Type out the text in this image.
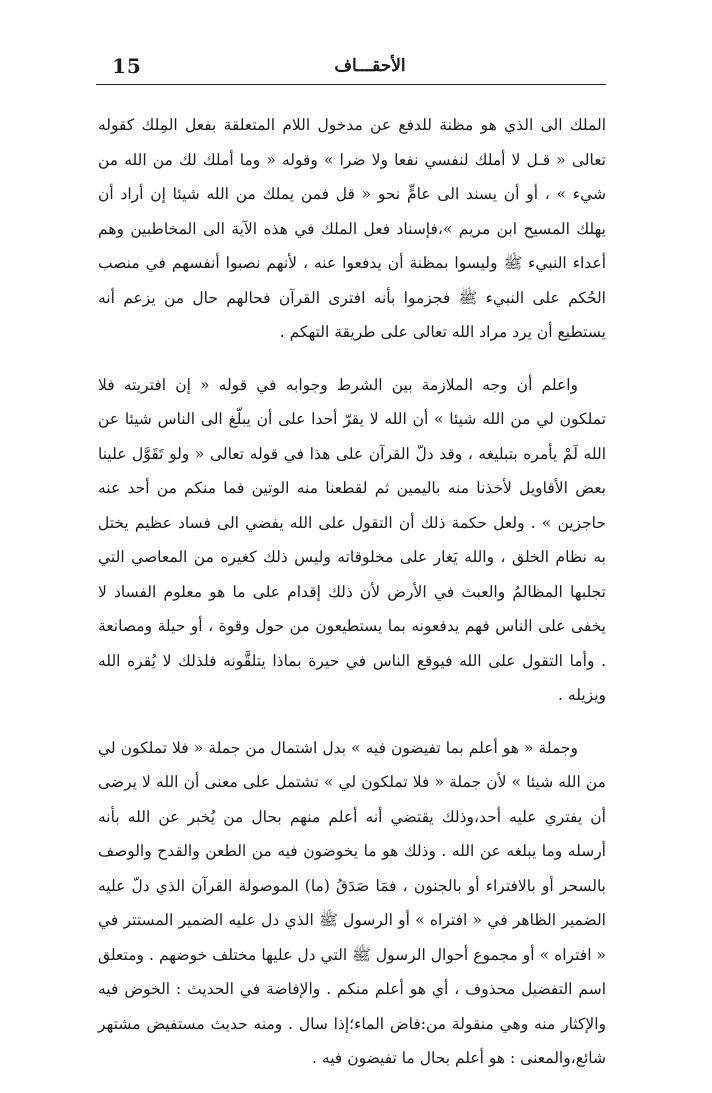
15	الأحقـــاف

الملك الى الذي هو مظنة للدفع عن مدخول اللام المتعلقة بفعل المِلك كقوله تعالى « قـل لا أملك لنفسي نفعا ولا ضرا » وقوله « وما أملك لك من الله من شيء » ، أو أن يسند الى عامٍّ نحو « قل فمن يملك من الله شيئا إن أراد أن يهلك المسيح ابن مريم »،فإسناد فعل الملك في هذه الآية الى المخاطبين وهم أعداء النبيء ﷺ وليسوا بمظنة أن يدفعوا عنه ، لأنهم نصبوا أنفسهم في منصب الحُكم على النبيء ﷺ فجزموا بأنه افترى القرآن فحالهم حال من يزعم أنه يستطيع أن يرد مراد الله تعالى على طريقة التهكم .

واعلم أن وجه الملازمة بين الشرط وجوابه في قوله « إن افتريته فلا تملكون لي من الله شيئا » أن الله لا يقرّ أحدا على أن يبلّغ الى الناس شيئا عن الله لَمْ يأمره بتبليغه ، وقد دلّ القرآن على هذا في قوله تعالى « ولو تَقَوَّل علينا بعض الأقاويل لأخذنا منه باليمين ثم لقطعنا منه الوتين فما منكم من أحد عنه حاجزين » . ولعل حكمة ذلك أن التقول على الله يفضي الى فساد عظيم يختل به نظام الخلق ، والله يَغار على مخلوقاته وليس ذلك كغيره من المعاصي التي تجلبها المظالمُ والعبث في الأرض لأن ذلك إقدام على ما هو معلوم الفساد لا يخفى على الناس فهم يدفعونه بما يستطيعون من حول وقوة ، أو حيلة ومصانعة . وأما التقول على الله فيوقع الناس في حيرة بماذا يتلقَّونه فلذلك لا يُقره الله ويزيله .

وجملة « هو أعلم بما تفيضون فيه » بدل اشتمال من جملة « فلا تملكون لي من الله شيئا » لأن جملة « فلا تملكون لي » تشتمل على معنى أن الله لا يرضى أن يفتري عليه أحد،وذلك يقتضي أنه أعلم منهم بحال من يُخبر عن الله بأنه أرسله وما يبلغه عن الله . وذلك هو ما يخوضون فيه من الطعن والقدح والوصف بالسحر أو بالافتراء أو بالجنون ، فمَا صَدَقُ (ما) الموصولة القرآن الذي دلّ عليه الضمير الظاهر في « افتراه » أو الرسول ﷺ الذي دل عليه الضمير المستتر في « افتراه » أو مجموع أحوال الرسول ﷺ التي دل عليها مختلف خوضهم . ومتعلق اسم التفضيل محذوف ، أي هو أعلم منكم . والإفاضة في الحديث : الخوض فيه والإكثار منه وهي منقولة من:فاض الماء؛إذا سال . ومنه حديث مستفيض مشتهر شائع،والمعنى : هو أعلم بحال ما تفيضون فيه .
